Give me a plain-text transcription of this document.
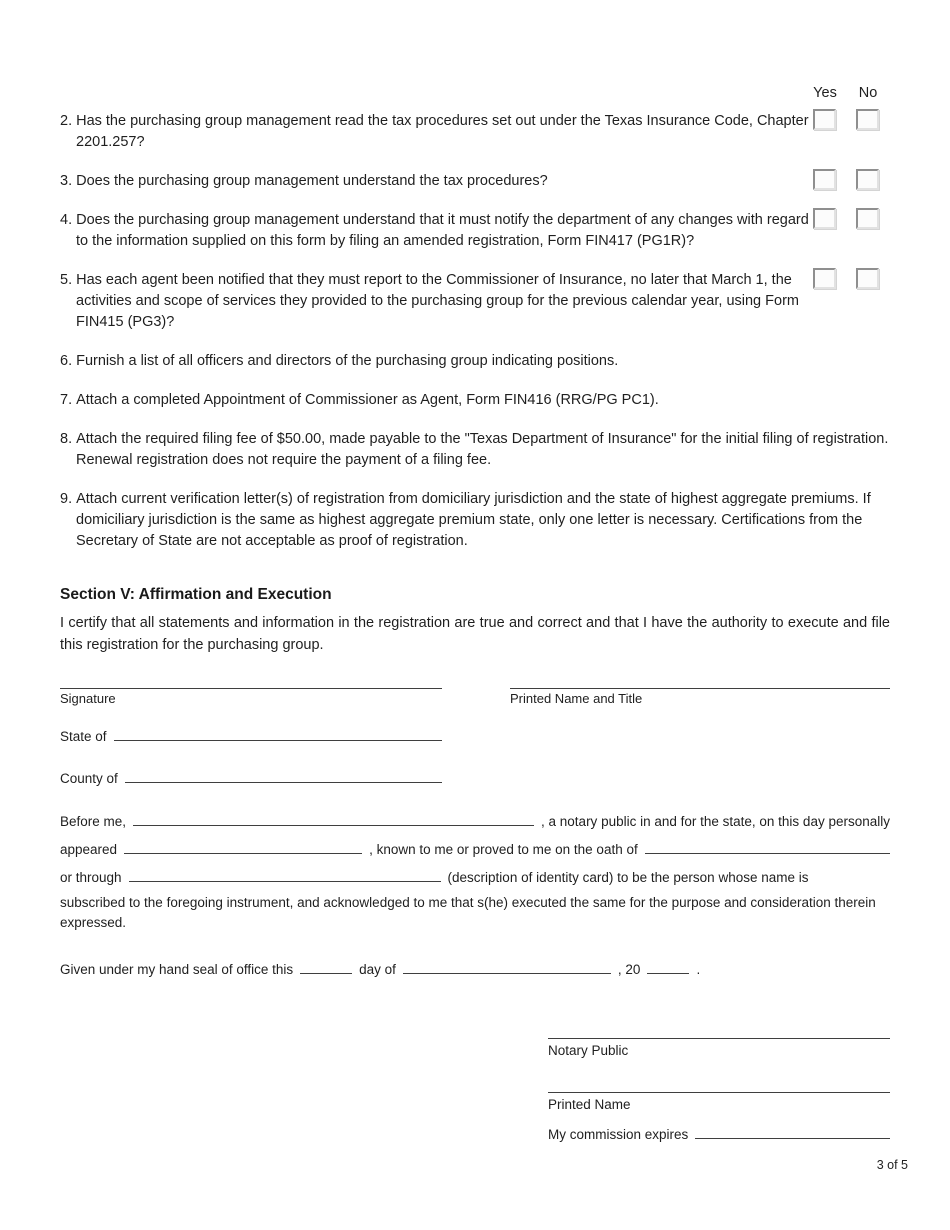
Yes	No
2. Has the purchasing group management read the tax procedures set out under the Texas Insurance Code, Chapter 2201.257?
3. Does the purchasing group management understand the tax procedures?
4. Does the purchasing group management understand that it must notify the department of any changes with regard to the information supplied on this form by filing an amended registration, Form FIN417 (PG1R)?
5. Has each agent been notified that they must report to the Commissioner of Insurance, no later that March 1, the activities and scope of services they provided to the purchasing group for the previous calendar year, using Form FIN415 (PG3)?
6. Furnish a list of all officers and directors of the purchasing group indicating positions.
7. Attach a completed Appointment of Commissioner as Agent, Form FIN416 (RRG/PG PC1).
8. Attach the required filing fee of $50.00, made payable to the "Texas Department of Insurance" for the initial filing of registration. Renewal registration does not require the payment of a filing fee.
9. Attach current verification letter(s) of registration from domiciliary jurisdiction and the state of highest aggregate premiums. If domiciliary jurisdiction is the same as highest aggregate premium state, only one letter is necessary. Certifications from the Secretary of State are not acceptable as proof of registration.
Section V: Affirmation and Execution

I certify that all statements and information in the registration are true and correct and that I have the authority to execute and file this registration for the purchasing group.

Signature	Printed Name and Title
State of
County of
Before me,	, a notary public in and for the state, on this day personally
appeared	, known to me or proved to me on the oath of
or through	(description of identity card) to be the person whose name is
subscribed to the foregoing instrument, and acknowledged to me that s(he) executed the same for the purpose and consideration therein expressed.
Given under my hand seal of office this	day of	, 20	.
Notary Public
Printed Name
My commission expires
3 of 5
